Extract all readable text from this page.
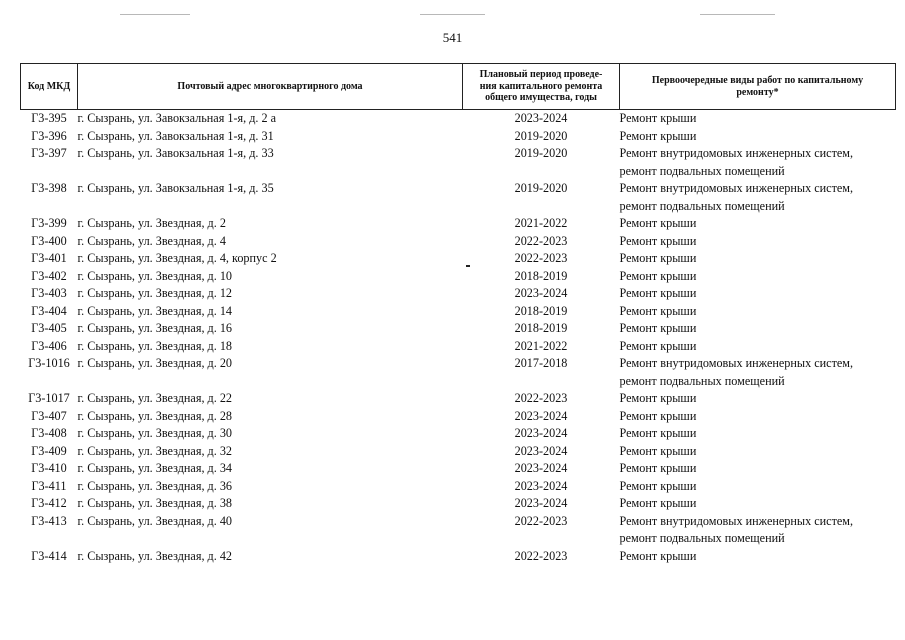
541
Код МКД	Почтовый адрес многоквартирного дома	Плановый период проведе-
ния капитального ремонта
общего имущества, годы	Первоочередные виды работ по капитальному
ремонту*

Г3-395	г. Сызрань, ул. Завокзальная 1-я, д. 2 а	2023-2024	Ремонт крыши

Г3-396	г. Сызрань, ул. Завокзальная 1-я, д. 31	2019-2020	Ремонт крыши

Г3-397	г. Сызрань, ул. Завокзальная 1-я, д. 33	2019-2020	Ремонт внутридомовых инженерных систем,
ремонт подвальных помещений

Г3-398	г. Сызрань, ул. Завокзальная 1-я, д. 35	2019-2020	Ремонт внутридомовых инженерных систем,
ремонт подвальных помещений

Г3-399	г. Сызрань, ул. Звездная, д. 2	2021-2022	Ремонт крыши

Г3-400	г. Сызрань, ул. Звездная, д. 4	2022-2023	Ремонт крыши

Г3-401	г. Сызрань, ул. Звездная, д. 4, корпус 2	2022-2023	Ремонт крыши

Г3-402	г. Сызрань, ул. Звездная, д. 10	2018-2019	Ремонт крыши

Г3-403	г. Сызрань, ул. Звездная, д. 12	2023-2024	Ремонт крыши

Г3-404	г. Сызрань, ул. Звездная, д. 14	2018-2019	Ремонт крыши

Г3-405	г. Сызрань, ул. Звездная, д. 16	2018-2019	Ремонт крыши

Г3-406	г. Сызрань, ул. Звездная, д. 18	2021-2022	Ремонт крыши

Г3-1016	г. Сызрань, ул. Звездная, д. 20	2017-2018	Ремонт внутридомовых инженерных систем,
ремонт подвальных помещений

Г3-1017	г. Сызрань, ул. Звездная, д. 22	2022-2023	Ремонт крыши

Г3-407	г. Сызрань, ул. Звездная, д. 28	2023-2024	Ремонт крыши

Г3-408	г. Сызрань, ул. Звездная, д. 30	2023-2024	Ремонт крыши

Г3-409	г. Сызрань, ул. Звездная, д. 32	2023-2024	Ремонт крыши

Г3-410	г. Сызрань, ул. Звездная, д. 34	2023-2024	Ремонт крыши

Г3-411	г. Сызрань, ул. Звездная, д. 36	2023-2024	Ремонт крыши

Г3-412	г. Сызрань, ул. Звездная, д. 38	2023-2024	Ремонт крыши

Г3-413	г. Сызрань, ул. Звездная, д. 40	2022-2023	Ремонт внутридомовых инженерных систем,
ремонт подвальных помещений

Г3-414	г. Сызрань, ул. Звездная, д. 42	2022-2023	Ремонт крыши
